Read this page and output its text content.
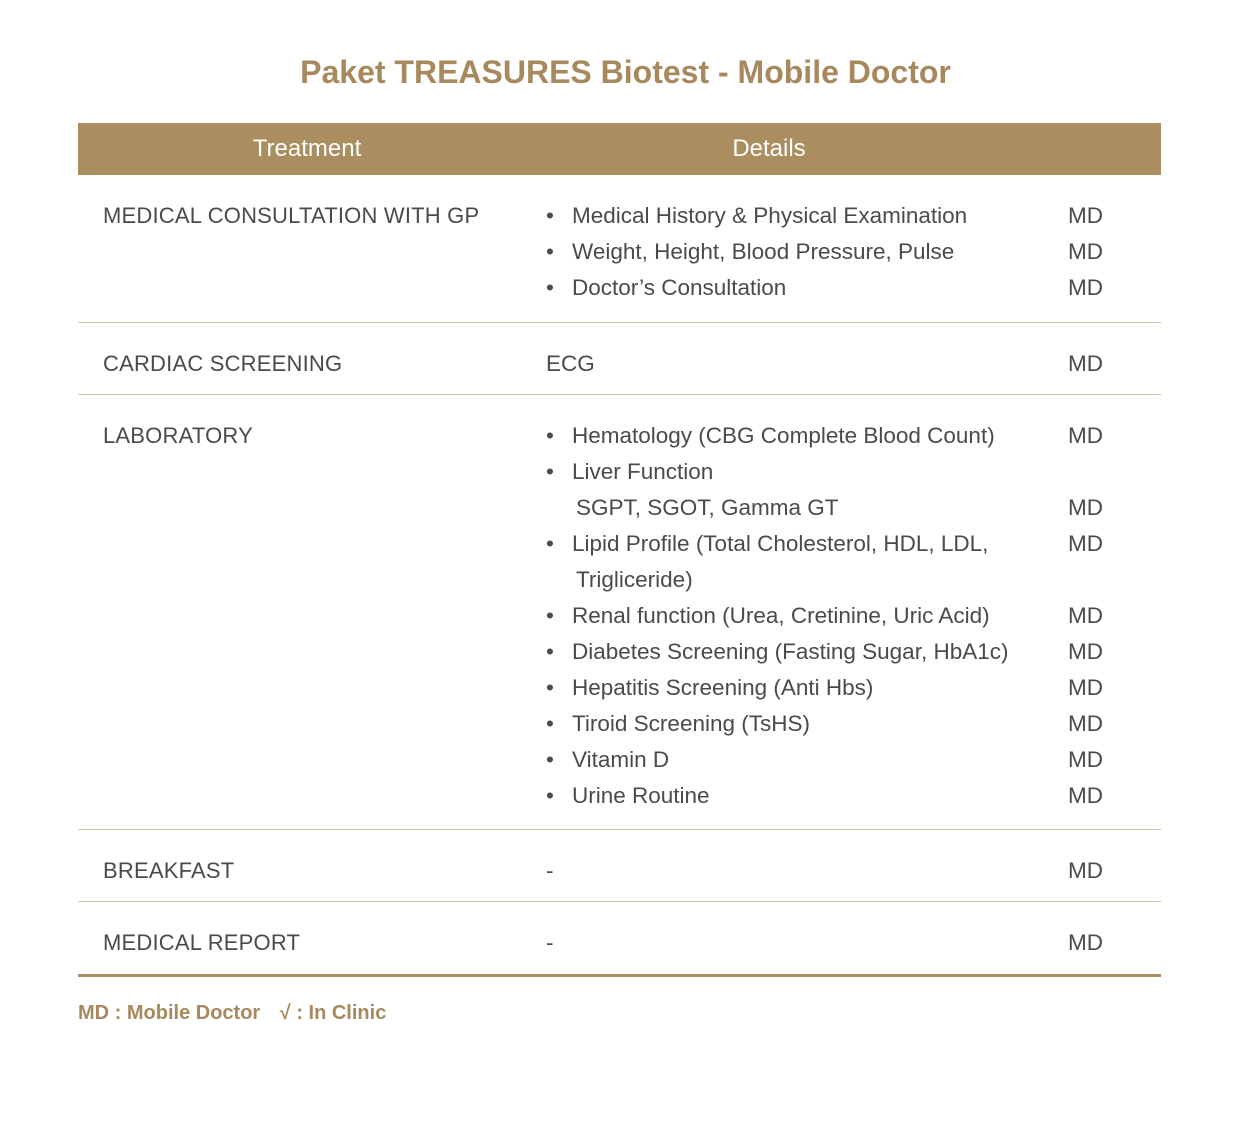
Paket TREASURES Biotest - Mobile Doctor
Treatment	Details
MEDICAL CONSULTATION WITH GP	• Medical History & Physical Examination	MD
• Weight, Height, Blood Pressure, Pulse	MD
• Doctor’s Consultation	MD
CARDIAC SCREENING	ECG	MD
LABORATORY	• Hematology (CBG Complete Blood Count)	MD
• Liver Function
SGPT, SGOT, Gamma GT	MD
• Lipid Profile (Total Cholesterol, HDL, LDL,	MD
Trigliceride)
• Renal function (Urea, Cretinine, Uric Acid)	MD
• Diabetes Screening (Fasting Sugar, HbA1c)	MD
• Hepatitis Screening (Anti Hbs)	MD
• Tiroid Screening (TsHS)	MD
• Vitamin D	MD
• Urine Routine	MD
BREAKFAST	-	MD
MEDICAL REPORT	-	MD
MD : Mobile Doctor √ : In Clinic
